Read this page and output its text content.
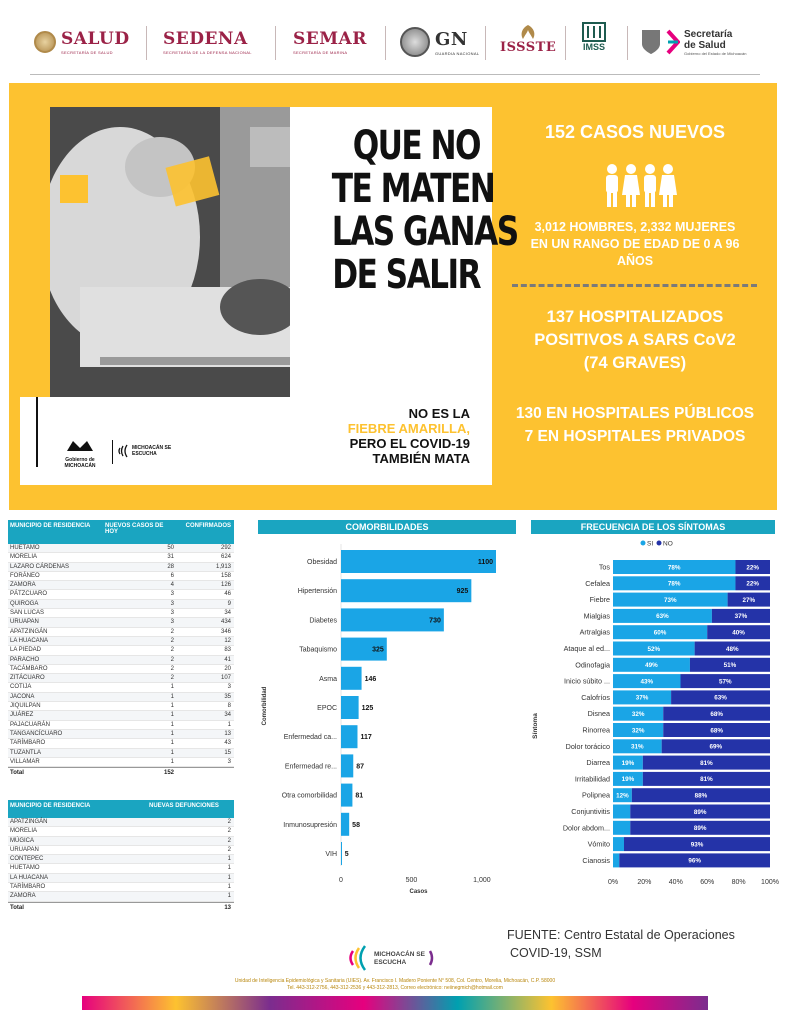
SALUD
SECRETARÍA DE SALUD
SEDENA
SECRETARÍA DE LA DEFENSA NACIONAL
SEMAR
SECRETARÍA DE MARINA
GN
GUARDIA NACIONAL ISSSTE	IMSS
Secretaría de Salud
Gobierno del Estado de Michoacán
QUE NO
TE MATEN
LAS GANAS
DE SALIR
NO ES LA
FIEBRE AMARILLA,
PERO EL COVID-19
TAMBIÉN MATA
Gobierno de MICHOACÁN
MICHOACÁN SE ESCUCHA
152 CASOS NUEVOS
3,012 HOMBRES, 2,332 MUJERES
EN UN RANGO DE EDAD DE 0 A 96
AÑOS
137 HOSPITALIZADOS
POSITIVOS A SARS CoV2
(74 GRAVES)
130 EN HOSPITALES PÚBLICOS
7 EN HOSPITALES PRIVADOS
MUNICIPIO DE RESIDENCIA	NUEVOS CASOS DE HOY
CONFIRMADOS
HUETAMO	50	292
MORELIA	31	624
LAZARO CÁRDENAS	28	1,913
FORÁNEO	6	158
ZAMORA	4	126
PÁTZCUARO	3	46
QUIROGA	3	9
SAN LUCAS	3	34
URUAPAN	3	434
APATZINGÁN	2	346
LA HUACANA	2	12
LA PIEDAD	2	83
PARACHO	2	41
TACÁMBARO	2	20
ZITÁCUARO	2	107
COTIJA	1	3
JACONA	1	35
JIQUILPAN	1	8
JUÁREZ	1	34
PAJACUARÁN	1	1
TANGANCÍCUARO	1	13
TARÍMBARO	1	43
TUZANTLA	1	15
VILLAMAR	1	3
Total	152
MUNICIPIO DE RESIDENCIA	NUEVAS DEFUNCIONES
APATZINGÁN	2
MORELIA	2
MÚGICA	2
URUAPAN	2
CONTEPEC	1
HUETAMO	1
LA HUACANA	1
TARÍMBARO	1
ZAMORA	1
Total	13
COMORBILIDADES
Obesidad	1100
Hipertensión	925
Diabetes	730
Tabaquismo	325
Asma	146
EPOC	125
Enfermedad ca...	117
Enfermedad re...	87
Otra comorbilidad	81
Inmunosupresión 58
VIH 5
0	500	1,000
Casos
Comorbilidad
FRECUENCIA DE LOS SÍNTOMAS
SI NO
Tos	78%	22%
Cefalea	78%	22%
Fiebre	73%	27%
Mialgias	63%	37%
Artralgias	60%	40%
Ataque al ed...	52%	48%
Odinofagia	49%	51%
Inicio súbito ...	43%	57%
Calofríos	37%	63%
Disnea	32%	68%
Rinorrea	32%	68%
Dolor torácico	31%	69%
Diarrea 19%	81%
Irritabilidad 19%	81%
Polipnea 12%	88%
Conjuntivitis	89%
Dolor abdom...	89%
Vómito	93%
Cianosis	96%
0%	20% 40% 60% 80% 100%
Síntoma
FUENTE: Centro Estatal de Operaciones
COVID-19, SSM
MICHOACÁN SE ESCUCHA
Unidad de Inteligencia Epidemiológica y Sanitaria (UIES). Av. Francisco I. Madero Poniente N° 508, Col. Centro, Morelia, Michoacán, C.P. 58000
Tel. 443-312-2756, 443-312-2536 y 443-312-2813, Correo electrónico: neiinegmich@hotmail.com
